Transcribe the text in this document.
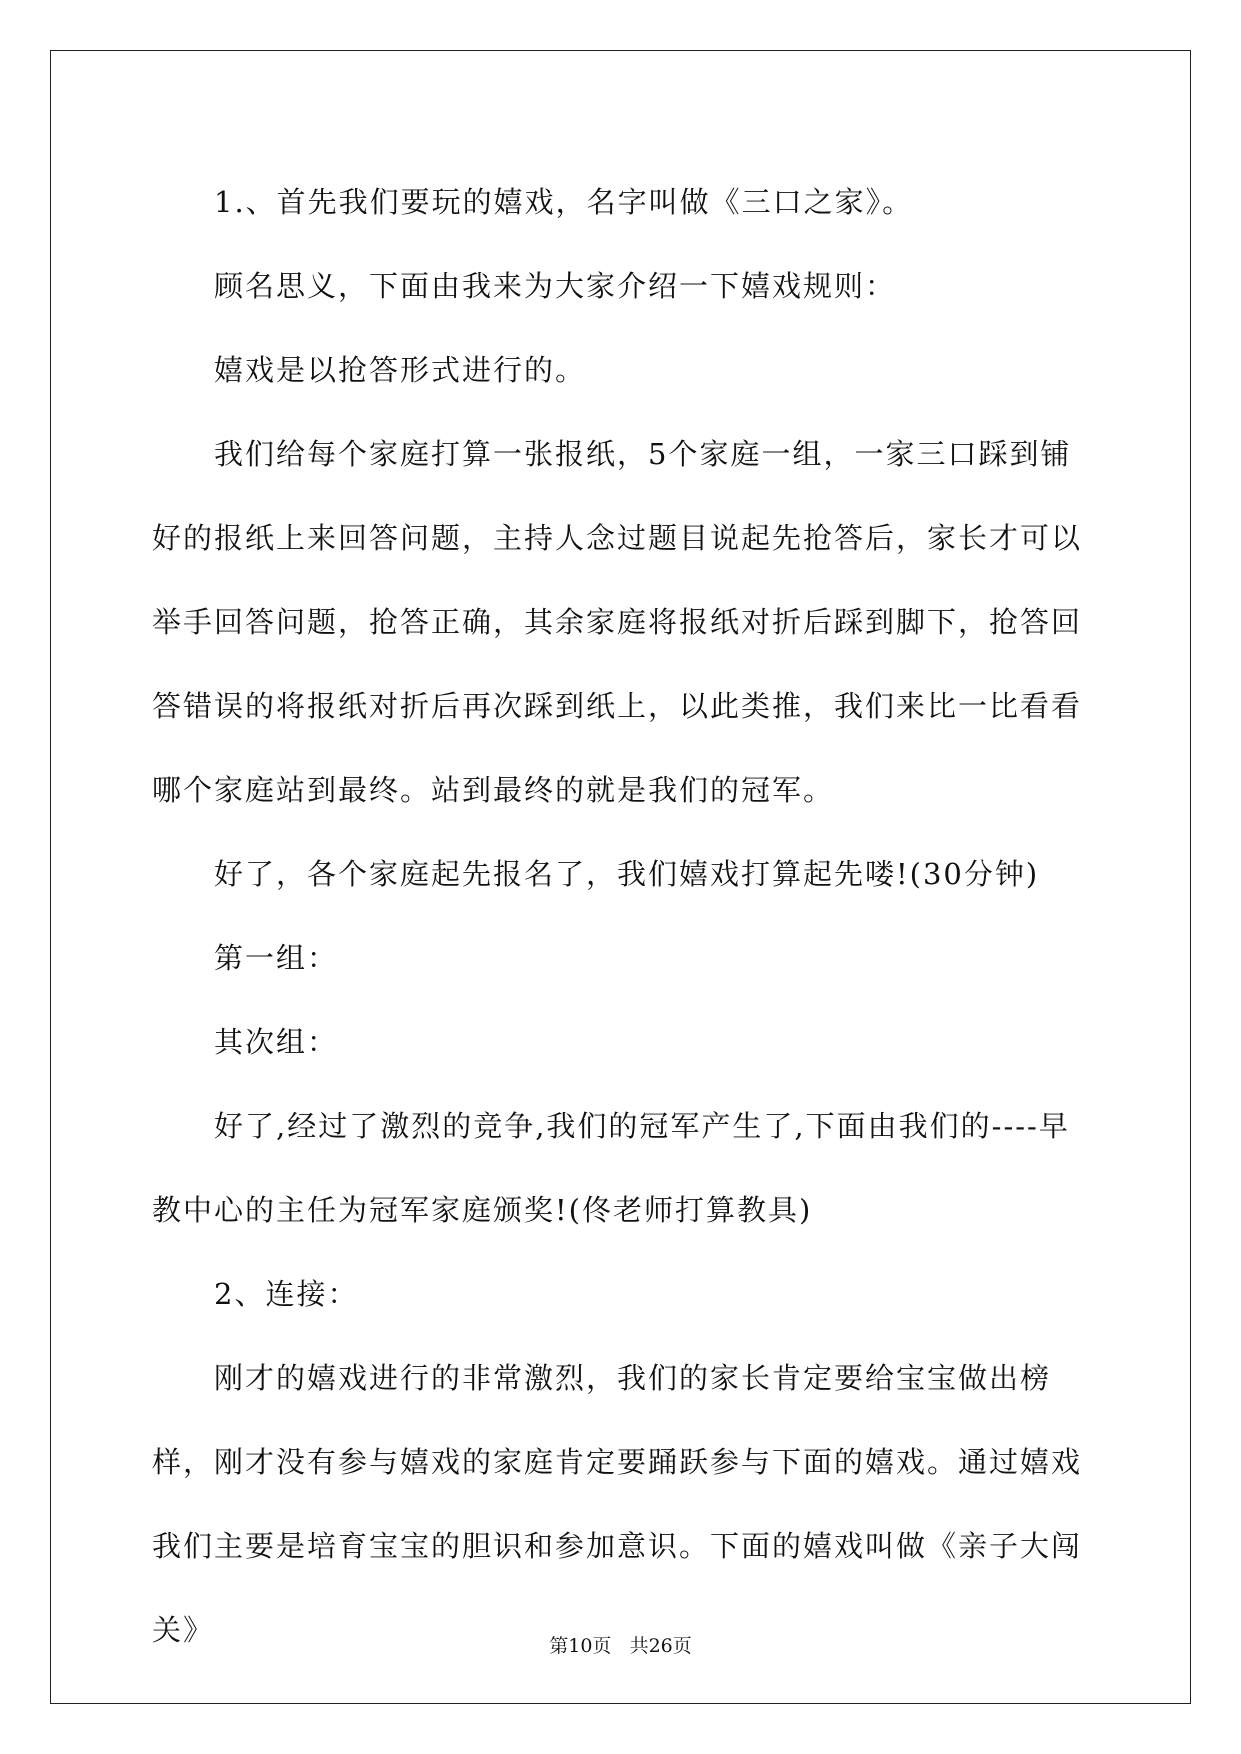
1.、首先我们要玩的嬉戏，名字叫做《三口之家》。

顾名思义，下面由我来为大家介绍一下嬉戏规则：

嬉戏是以抢答形式进行的。

我们给每个家庭打算一张报纸，5个家庭一组，一家三口踩到铺好的报纸上来回答问题，主持人念过题目说起先抢答后，家长才可以举手回答问题，抢答正确，其余家庭将报纸对折后踩到脚下，抢答回答错误的将报纸对折后再次踩到纸上，以此类推，我们来比一比看看哪个家庭站到最终。站到最终的就是我们的冠军。

好了，各个家庭起先报名了，我们嬉戏打算起先喽!(30分钟)

第一组：

其次组：

好了,经过了激烈的竞争,我们的冠军产生了,下面由我们的----早教中心的主任为冠军家庭颁奖!(佟老师打算教具)

2、连接：

刚才的嬉戏进行的非常激烈，我们的家长肯定要给宝宝做出榜样，刚才没有参与嬉戏的家庭肯定要踊跃参与下面的嬉戏。通过嬉戏我们主要是培育宝宝的胆识和参加意识。下面的嬉戏叫做《亲子大闯关》	第10页 共26页
